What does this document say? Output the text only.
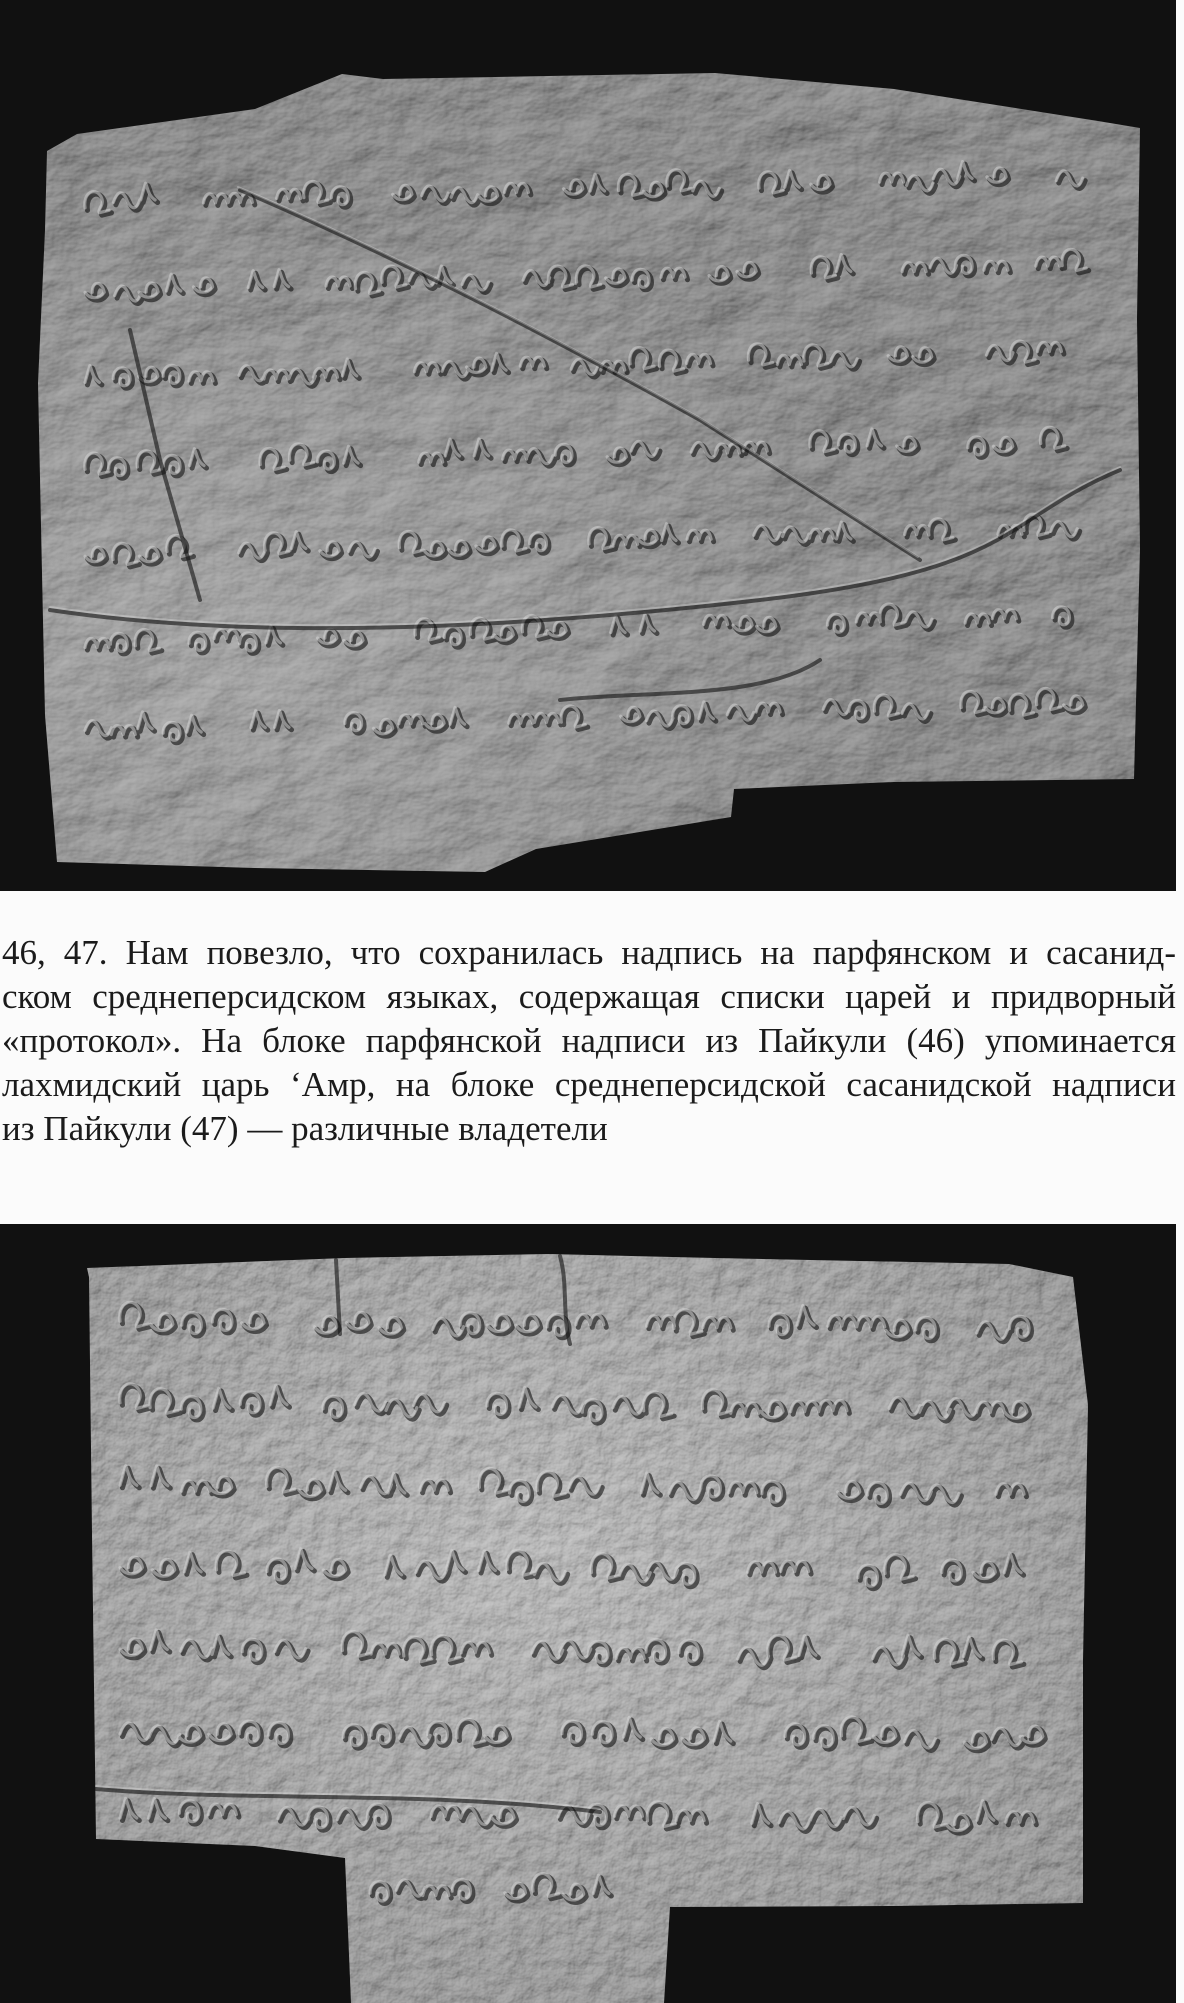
46, 47. Нам повезло, что сохранилась надпись на парфянском и сасанид-
ском среднеперсидском языках, содержащая списки царей и придворный
«протокол». На блоке парфянской надписи из Пайкули (46) упоминается
лахмидский царь ‘Амр, на блоке среднеперсидской сасанидской надписи
из Пайкули (47) — различные владетели
